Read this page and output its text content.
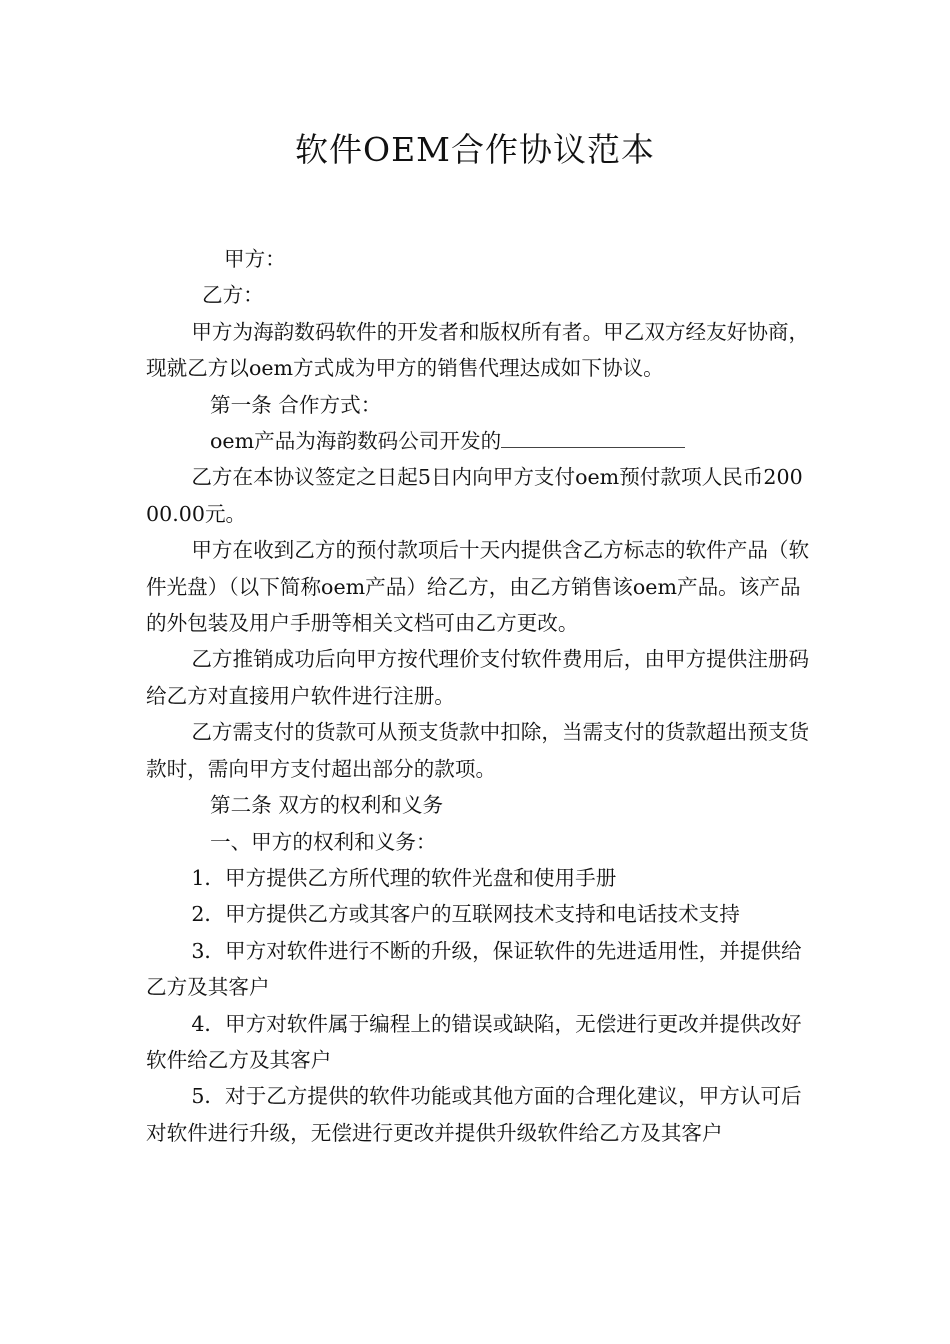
软件OEM合作协议范本

甲方：

乙方：

甲方为海韵数码软件的开发者和版权所有者。甲乙双方经友好协商，现就乙方以oem方式成为甲方的销售代理达成如下协议。

第一条 合作方式：

oem产品为海韵数码公司开发的

乙方在本协议签定之日起5日内向甲方支付oem预付款项人民币20000.00元。

甲方在收到乙方的预付款项后十天内提供含乙方标志的软件产品（软件光盘）（以下简称oem产品）给乙方，由乙方销售该oem产品。该产品的外包装及用户手册等相关文档可由乙方更改。

乙方推销成功后向甲方按代理价支付软件费用后，由甲方提供注册码给乙方对直接用户软件进行注册。

乙方需支付的货款可从预支货款中扣除，当需支付的货款超出预支货款时，需向甲方支付超出部分的款项。

第二条 双方的权利和义务

一、甲方的权利和义务：

1．甲方提供乙方所代理的软件光盘和使用手册

2．甲方提供乙方或其客户的互联网技术支持和电话技术支持

3．甲方对软件进行不断的升级，保证软件的先进适用性，并提供给乙方及其客户

4．甲方对软件属于编程上的错误或缺陷，无偿进行更改并提供改好软件给乙方及其客户

5．对于乙方提供的软件功能或其他方面的合理化建议，甲方认可后对软件进行升级，无偿进行更改并提供升级软件给乙方及其客户
